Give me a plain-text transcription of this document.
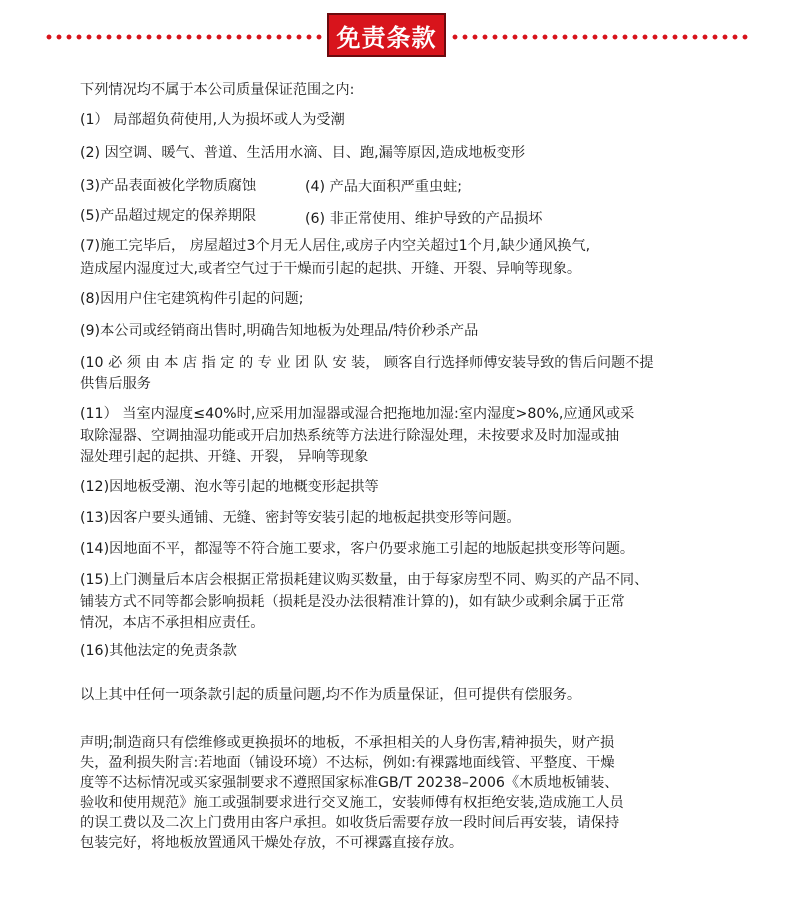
免责条款
下列情况均不属于本公司质量保证范围之内:
(1） 局部超负荷使用,人为损坏或人为受潮
(2) 因空调、暖气、普道、生活用水滴、目、跑,漏等原因,造成地板变形
(3)产品表面被化学物质腐蚀	(4) 产品大面积严重虫蛀;
(5)产品超过规定的保养期限	(6) 非正常使用、维护导致的产品损坏
(7)施工完毕后， 房屋超过3个月无人居住,或房子内空关超过1个月,缺少通风换气,
造成屋内湿度过大,或者空气过于干燥而引起的起拱、开缝、开裂、异响等现象。
(8)因用户住宅建筑构件引起的问题;
(9)本公司或经销商出售时,明确告知地板为处理品/特价秒杀产品
(10 必 须 由 本 店 指 定 的 专 业 团 队 安 装， 顾客自行选择师傅安装导致的售后问题不提
供售后服务
(11） 当室内湿度≤40%时,应采用加湿器或湿合把拖地加湿:室内湿度>80%,应通风或采
取除湿器、空调抽湿功能或开启加热系统等方法进行除湿处理，未按要求及时加湿或抽
湿处理引起的起拱、开缝、开裂， 异响等现象
(12)因地板受潮、泡水等引起的地概变形起拱等
(13)因客户要头通铺、无缝、密封等安装引起的地板起拱变形等问题。
(14)因地面不平，都湿等不符合施工要求，客户仍要求施工引起的地版起拱变形等问题。
(15)上门测量后本店会根据正常损耗建议购买数量，由于每家房型不同、购买的产品不同、
铺装方式不同等都会影响损耗（损耗是没办法很精准计算的)，如有缺少或剩余属于正常
情况，本店不承担相应责任。
(16)其他法定的免责条款
以上其中任何一项条款引起的质量问题,均不作为质量保证，但可提供有偿服务。
声明;制造商只有偿维修或更换损坏的地板，不承担相关的人身伤害,精神损失，财产损
失，盈利损失附言:若地面（铺设环境）不达标，例如:有裸露地面线管、平整度、干燥
度等不达标情况或买家强制要求不遵照国家标准GB/T 20238–2006《木质地板铺装、
验收和使用规范》施工或强制要求进行交叉施工，安装师傅有权拒绝安装,造成施工人员
的误工费以及二次上门费用由客户承担。如收货后需要存放一段时间后再安装，请保持
包装完好，将地板放置通风干燥处存放，不可裸露直接存放。
